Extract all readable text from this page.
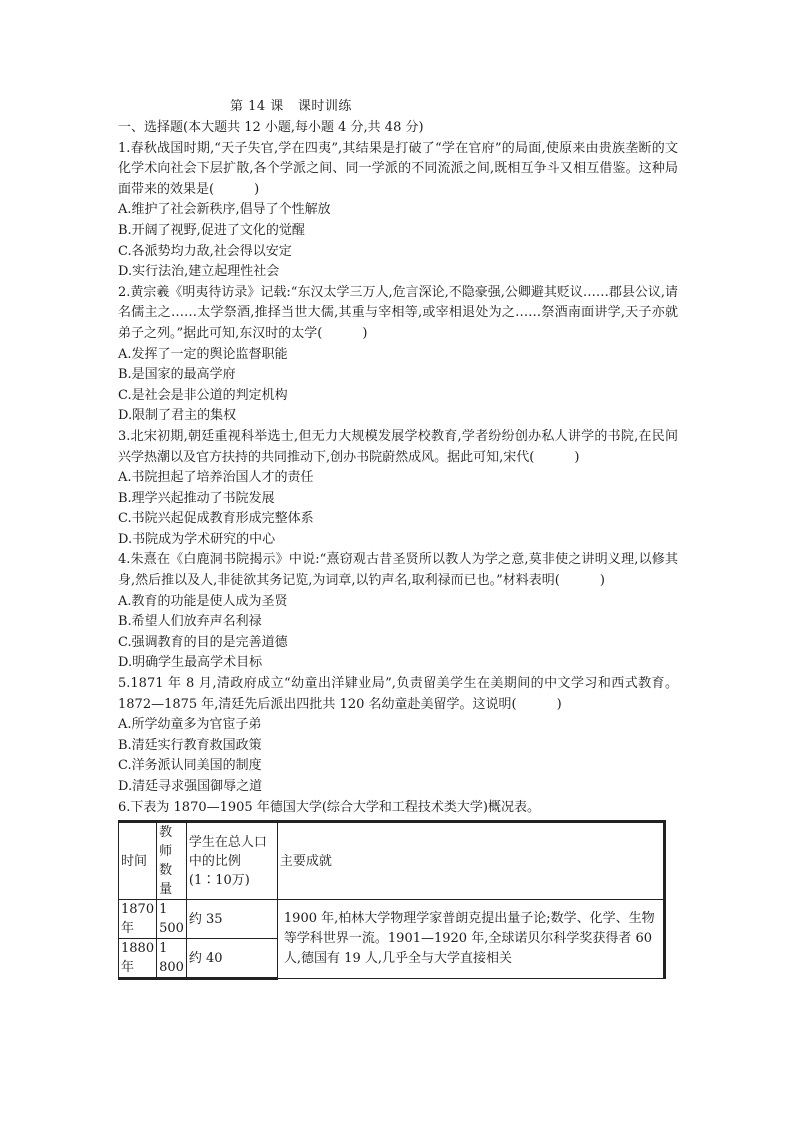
第 14 课 课时训练

一、选择题(本大题共 12 小题,每小题 4 分,共 48 分)

1.春秋战国时期,“天子失官,学在四夷”,其结果是打破了“学在官府”的局面,使原来由贵族垄断的文化学术向社会下层扩散,各个学派之间、同一学派的不同流派之间,既相互争斗又相互借鉴。这种局面带来的效果是(	)

A.维护了社会新秩序,倡导了个性解放

B.开阔了视野,促进了文化的觉醒

C.各派势均力敌,社会得以安定

D.实行法治,建立起理性社会

2.黄宗羲《明夷待访录》记载:“东汉太学三万人,危言深论,不隐豪强,公卿避其贬议……郡县公议,请名儒主之……太学祭酒,推择当世大儒,其重与宰相等,或宰相退处为之……祭酒南面讲学,天子亦就弟子之列。”据此可知,东汉时的太学(	)

A.发挥了一定的舆论监督职能

B.是国家的最高学府

C.是社会是非公道的判定机构

D.限制了君主的集权

3.北宋初期,朝廷重视科举选士,但无力大规模发展学校教育,学者纷纷创办私人讲学的书院,在民间兴学热潮以及官方扶持的共同推动下,创办书院蔚然成风。据此可知,宋代(	)

A.书院担起了培养治国人才的责任

B.理学兴起推动了书院发展

C.书院兴起促成教育形成完整体系

D.书院成为学术研究的中心

4.朱熹在《白鹿洞书院揭示》中说:“熹窃观古昔圣贤所以教人为学之意,莫非使之讲明义理,以修其身,然后推以及人,非徒欲其务记览,为词章,以钓声名,取利禄而已也。”材料表明(	)

A.教育的功能是使人成为圣贤

B.希望人们放弃声名利禄

C.强调教育的目的是完善道德

D.明确学生最高学术目标

5.1871 年 8 月,清政府成立“幼童出洋肄业局”,负责留美学生在美期间的中文学习和西式教育。1872—1875 年,清廷先后派出四批共 120 名幼童赴美留学。这说明(	)

A.所学幼童多为官宦子弟

B.清廷实行教育救国政策

C.洋务派认同美国的制度

D.清廷寻求强国御辱之道

6.下表为 1870—1905 年德国大学(综合大学和工程技术类大学)概况表。

时间	教师数量	学生在总人口中的比例(1∶10万)	主要成就
1870年	1 500	约 35	1900 年,柏林大学物理学家普朗克提出量子论;数学、化学、生物等学科世界一流。1901—1920 年,全球诺贝尔科学奖获得者 60 人,德国有 19 人,几乎全与大学直接相关
1880年	1 800	约 40	
